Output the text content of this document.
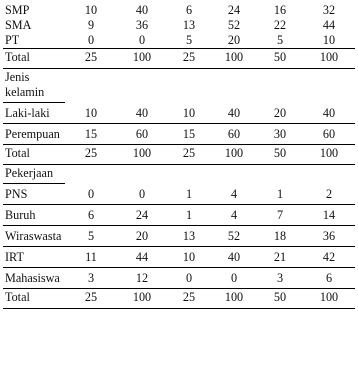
SMP	10	40	6	24	16	32
SMA	9	36	13	52	22	44
PT	0	0	5	20	5	10
Total	25	100	25	100	50	100
Jenis kelamin						
Laki-laki	10	40	10	40	20	40
Perempuan	15	60	15	60	30	60
Total	25	100	25	100	50	100
Pekerjaan						
PNS	0	0	1	4	1	2
Buruh	6	24	1	4	7	14
Wiraswasta	5	20	13	52	18	36
IRT	11	44	10	40	21	42
Mahasiswa	3	12	0	0	3	6
Total	25	100	25	100	50	100
